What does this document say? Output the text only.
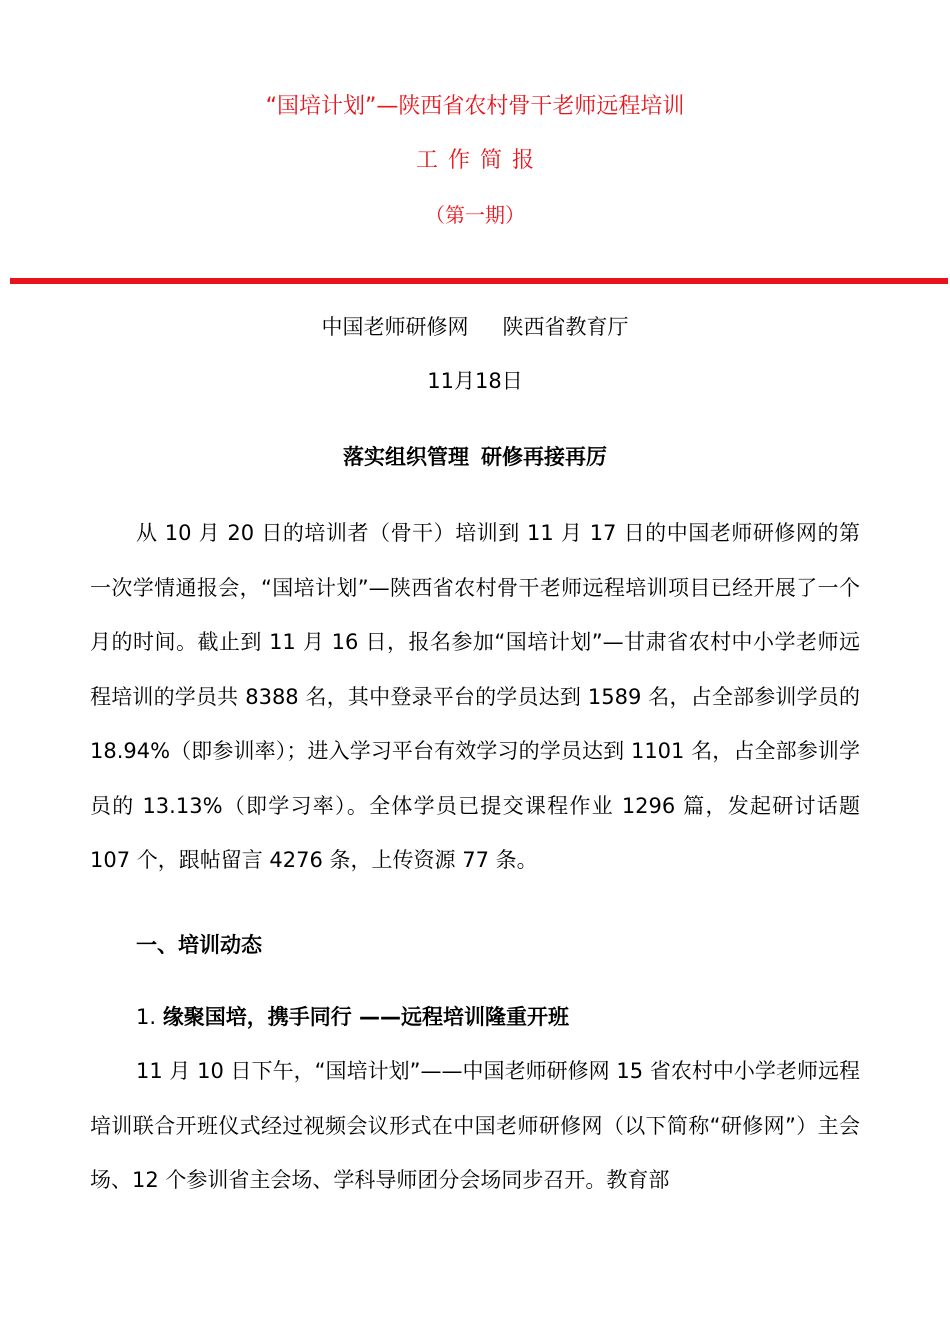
“国培计划”—陕西省农村骨干老师远程培训
工作简报
（第一期）
中国老师研修网 陕西省教育厅
11月18日
落实组织管理 研修再接再厉

从 10 月 20 日的培训者（骨干）培训到 11 月 17 日的中国老师研修网的第一次学情通报会，“国培计划”—陕西省农村骨干老师远程培训项目已经开展了一个月的时间。截止到 11 月 16 日，报名参加“国培计划”—甘肃省农村中小学老师远程培训的学员共 8388 名，其中登录平台的学员达到 1589 名，占全部参训学员的 18.94%（即参训率）；进入学习平台有效学习的学员达到 1101 名，占全部参训学员的 13.13%（即学习率）。全体学员已提交课程作业 1296 篇，发起研讨话题 107 个，跟帖留言 4276 条，上传资源 77 条。

一、培训动态
1. 缘聚国培，携手同行 ——远程培训隆重开班

11 月 10 日下午，“国培计划”——中国老师研修网 15 省农村中小学老师远程培训联合开班仪式经过视频会议形式在中国老师研修网（以下简称“研修网”）主会场、12 个参训省主会场、学科导师团分会场同步召开。教育部
